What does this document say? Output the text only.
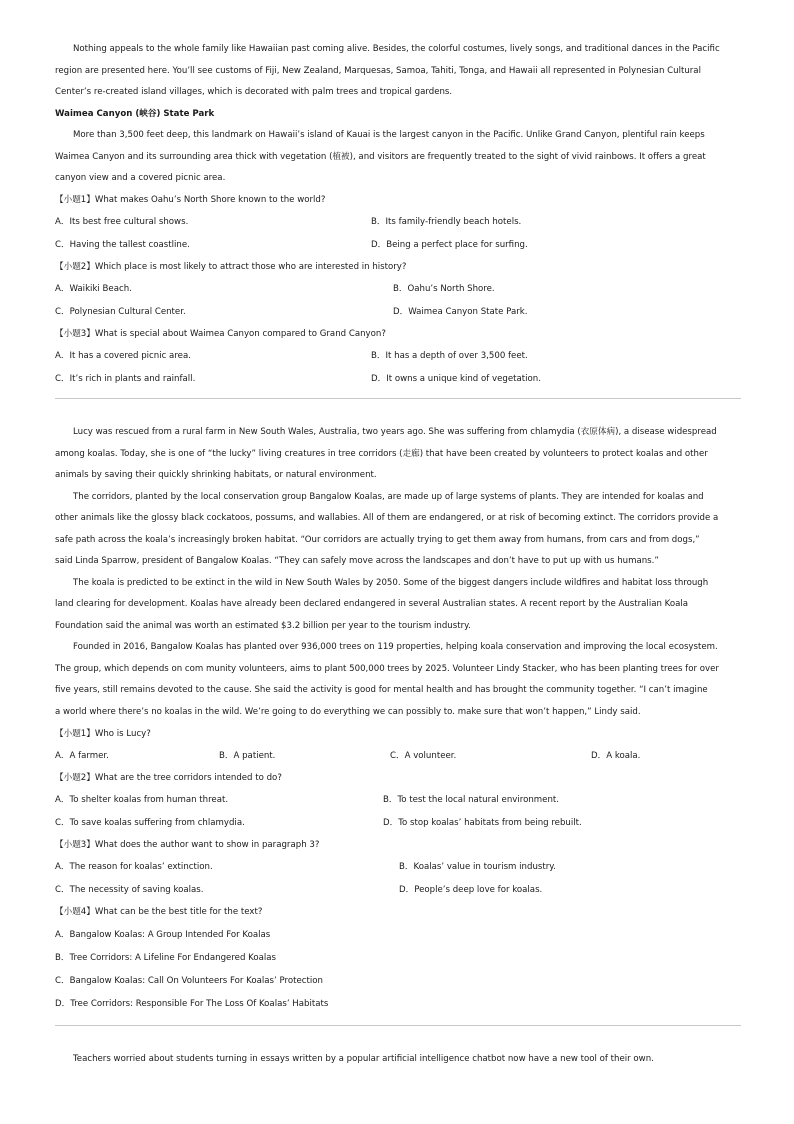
Nothing appeals to the whole family like Hawaiian past coming alive. Besides, the colorful costumes, lively songs, and traditional dances in the Pacific
region are presented here. You’ll see customs of Fiji, New Zealand, Marquesas, Samoa, Tahiti, Tonga, and Hawaii all represented in Polynesian Cultural
Center’s re-created island villages, which is decorated with palm trees and tropical gardens.
Waimea Canyon (峡谷) State Park
More than 3,500 feet deep, this landmark on Hawaii’s island of Kauai is the largest canyon in the Pacific. Unlike Grand Canyon, plentiful rain keeps
Waimea Canyon and its surrounding area thick with vegetation (植被), and visitors are frequently treated to the sight of vivid rainbows. It offers a great
canyon view and a covered picnic area.
【小题1】What makes Oahu’s North Shore known to the world?
A．Its best free cultural shows.	B．Its family-friendly beach hotels.
C．Having the tallest coastline.	D．Being a perfect place for surfing.
【小题2】Which place is most likely to attract those who are interested in history?
A．Waikiki Beach.	B．Oahu’s North Shore.
C．Polynesian Cultural Center.	D．Waimea Canyon State Park.
【小题3】What is special about Waimea Canyon compared to Grand Canyon?
A．It has a covered picnic area.	B．It has a depth of over 3,500 feet.
C．It’s rich in plants and rainfall.	D．It owns a unique kind of vegetation.
Lucy was rescued from a rural farm in New South Wales, Australia, two years ago. She was suffering from chlamydia (衣原体病), a disease widespread
among koalas. Today, she is one of “the lucky” living creatures in tree corridors (走廊) that have been created by volunteers to protect koalas and other
animals by saving their quickly shrinking habitats, or natural environment.
The corridors, planted by the local conservation group Bangalow Koalas, are made up of large systems of plants. They are intended for koalas and
other animals like the glossy black cockatoos, possums, and wallabies. All of them are endangered, or at risk of becoming extinct. The corridors provide a
safe path across the koala’s increasingly broken habitat. “Our corridors are actually trying to get them away from humans, from cars and from dogs,”
said Linda Sparrow, president of Bangalow Koalas. “They can safely move across the landscapes and don’t have to put up with us humans.”
The koala is predicted to be extinct in the wild in New South Wales by 2050. Some of the biggest dangers include wildfires and habitat loss through
land clearing for development. Koalas have already been declared endangered in several Australian states. A recent report by the Australian Koala
Foundation said the animal was worth an estimated $3.2 billion per year to the tourism industry.
Founded in 2016, Bangalow Koalas has planted over 936,000 trees on 119 properties, helping koala conservation and improving the local ecosystem.
The group, which depends on com munity volunteers, aims to plant 500,000 trees by 2025. Volunteer Lindy Stacker, who has been planting trees for over
five years, still remains devoted to the cause. She said the activity is good for mental health and has brought the community together. “I can’t imagine
a world where there’s no koalas in the wild. We’re going to do everything we can possibly to. make sure that won’t happen,” Lindy said.
【小题1】Who is Lucy?
A．A farmer.	B．A patient.	C．A volunteer.	D．A koala.
【小题2】What are the tree corridors intended to do?
A．To shelter koalas from human threat.	B．To test the local natural environment.
C．To save koalas suffering from chlamydia.	D．To stop koalas’ habitats from being rebuilt.
【小题3】What does the author want to show in paragraph 3?
A．The reason for koalas’ extinction.	B．Koalas’ value in tourism industry.
C．The necessity of saving koalas.	D．People’s deep love for koalas.
【小题4】What can be the best title for the text?
A．Bangalow Koalas: A Group Intended For Koalas
B．Tree Corridors: A Lifeline For Endangered Koalas
C．Bangalow Koalas: Call On Volunteers For Koalas’ Protection
D．Tree Corridors: Responsible For The Loss Of Koalas’ Habitats
Teachers worried about students turning in essays written by a popular artificial intelligence chatbot now have a new tool of their own.
